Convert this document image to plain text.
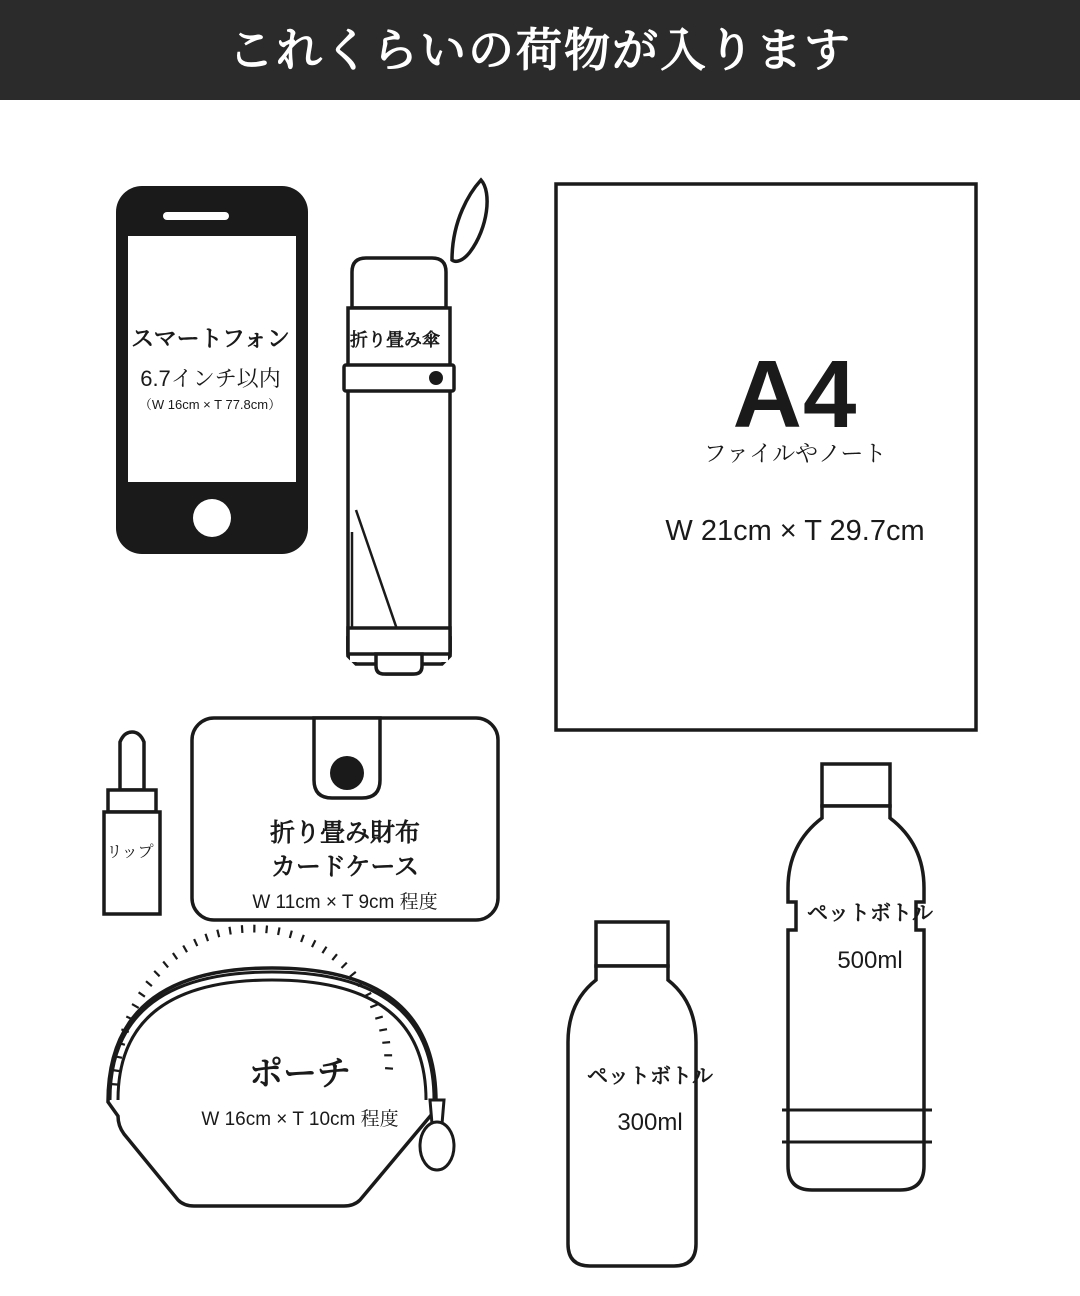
これくらいの荷物が入ります
スマートフォン
6.7インチ以内
（W 16cm × T 77.8cm）
折り畳み傘
A4
ファイルやノート
W 21cm × T 29.7cm
リップ
折り畳み財布
カードケース
W 11cm × T 9cm 程度
ポーチ
W 16cm × T 10cm 程度
ペットボトル
300ml
ペットボトル
500ml
